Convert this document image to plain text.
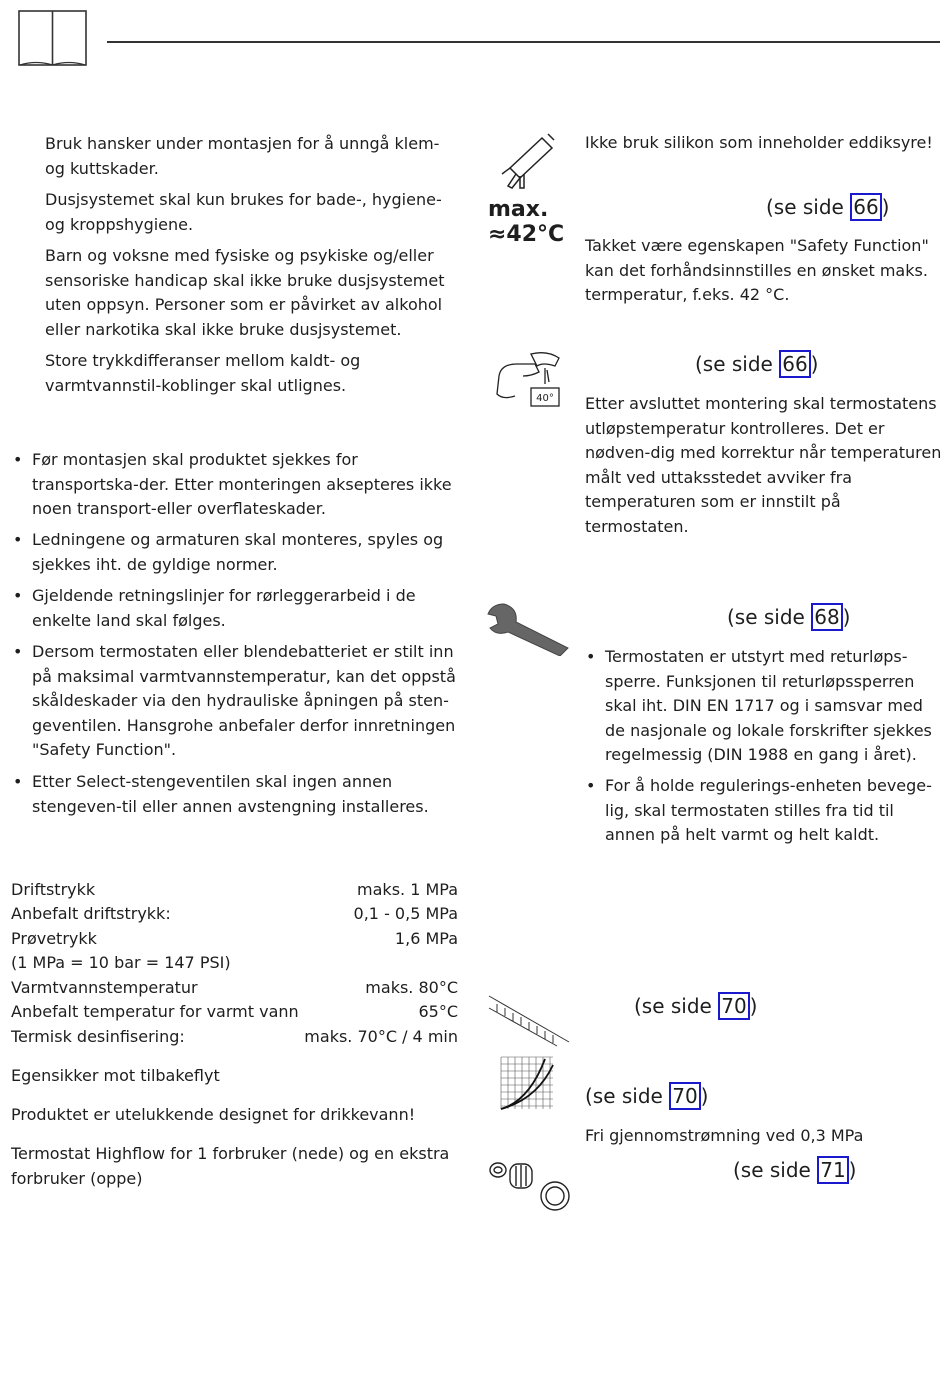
Bruk hansker under montasjen for å unngå klem- og kuttskader.

Dusjsystemet skal kun brukes for bade-, hygiene- og kroppshygiene.

Barn og voksne med fysiske og psykiske og/eller sensoriske handicap skal ikke bruke dusjsystemet uten oppsyn. Personer som er påvirket av alkohol eller narkotika skal ikke bruke dusjsystemet.

Store trykkdifferanser mellom kaldt- og varmtvannstil-koblinger skal utlignes.

• Før montasjen skal produktet sjekkes for transportska-der. Etter monteringen aksepteres ikke noen transport-eller overflateskader.
• Ledningene og armaturen skal monteres, spyles og sjekkes iht. de gyldige normer.
• Gjeldende retningslinjer for rørleggerarbeid i de enkelte land skal følges.
• Dersom termostaten eller blendebatteriet er stilt inn på maksimal varmtvannstemperatur, kan det oppstå skåldeskader via den hydrauliske åpningen på sten-geventilen. Hansgrohe anbefaler derfor innretningen "Safety Function".
• Etter Select-stengeventilen skal ingen annen stengeven-til eller annen avstengning installeres.
Driftstrykk	maks. 1 MPa
Anbefalt driftstrykk:	0,1 - 0,5 MPa
Prøvetrykk	1,6 MPa
(1 MPa = 10 bar = 147 PSI)
Varmtvannstemperatur	maks. 80°C
Anbefalt temperatur for varmt vann	65°C
Termisk desinfisering:	maks. 70°C / 4 min

Egensikker mot tilbakeflyt

Produktet er utelukkende designet for drikkevann!

Termostat Highflow for 1 forbruker (nede) og en ekstra forbruker (oppe)

max.
≈42°C
40°

Ikke bruk silikon som inneholder eddiksyre!

(se side 66 )

Takket være egenskapen "Safety Function" kan det forhåndsinnstilles en ønsket maks. termperatur, f.eks. 42 °C.

(se side 66 )

Etter avsluttet montering skal termostatens utløpstemperatur kontrolleres. Det er nødven-dig med korrektur når temperaturen målt ved uttaksstedet avviker fra temperaturen som er innstilt på termostaten.

(se side 68 )
• Termostaten er utstyrt med returløps-sperre. Funksjonen til returløpssperren skal iht. DIN EN 1717 og i samsvar med de nasjonale og lokale forskrifter sjekkes regelmessig (DIN 1988 en gang i året).
• For å holde regulerings-enheten bevege-lig, skal termostaten stilles fra tid til annen på helt varmt og helt kaldt.
(se side 70 )
(se side 70 )

Fri gjennomstrømning ved 0,3 MPa

(se side 71 )
